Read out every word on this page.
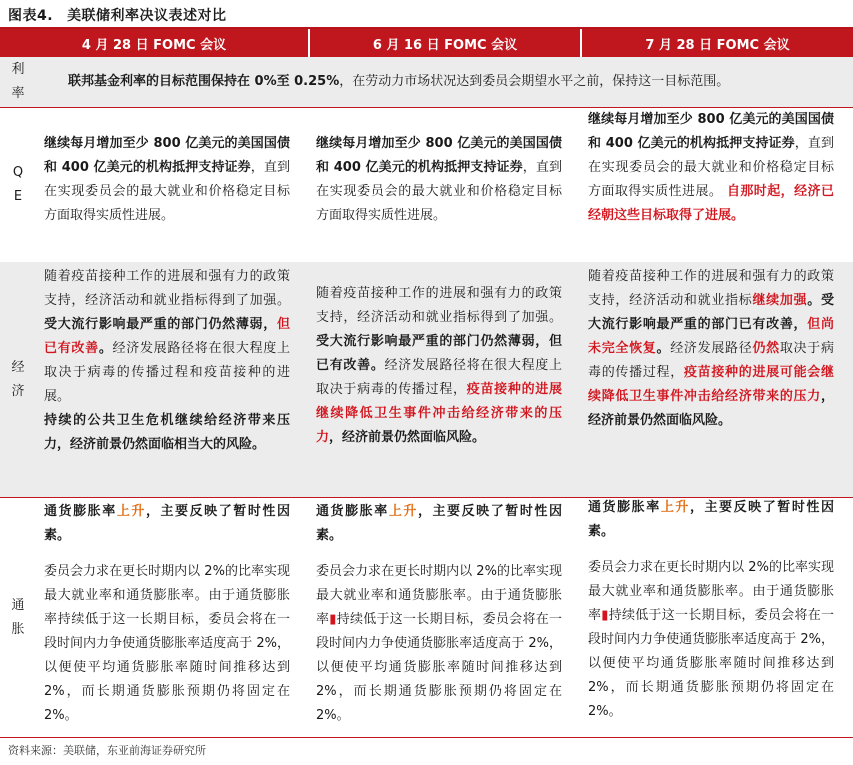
图表4. 美联储利率决议表述对比
4 月 28 日 FOMC 会议	6 月 16 日 FOMC 会议	7 月 28 日 FOMC 会议
利
率
联邦基金利率的目标范围保持在 0%至 0.25%，在劳动力市场状况达到委员会期望水平之前，保持这一目标范围。
Q
E
继续每月增加至少 800 亿美元的美国国债和 400 亿美元的机构抵押支持证券，直到在实现委员会的最大就业和价格稳定目标方面取得实质性进展。
继续每月增加至少 800 亿美元的美国国债和 400 亿美元的机构抵押支持证券，直到在实现委员会的最大就业和价格稳定目标方面取得实质性进展。
继续每月增加至少 800 亿美元的美国国债和 400 亿美元的机构抵押支持证券，直到在实现委员会的最大就业和价格稳定目标方面取得实质性进展。 自那时起，经济已经朝这些目标取得了进展。
经
济
随着疫苗接种工作的进展和强有力的政策支持，经济活动和就业指标得到了加强。受大流行影响最严重的部门仍然薄弱，但已有改善。经济发展路径将在很大程度上取决于病毒的传播过程和疫苗接种的进展。

持续的公共卫生危机继续给经济带来压力，经济前景仍然面临相当大的风险。

随着疫苗接种工作的进展和强有力的政策支持，经济活动和就业指标得到了加强。受大流行影响最严重的部门仍然薄弱，但已有改善。经济发展路径将在很大程度上取决于病毒的传播过程，疫苗接种的进展继续降低卫生事件冲击给经济带来的压力，经济前景仍然面临风险。
随着疫苗接种工作的进展和强有力的政策支持，经济活动和就业指标继续加强。受大流行影响最严重的部门已有改善，但尚未完全恢复。经济发展路径仍然取决于病毒的传播过程，疫苗接种的进展可能会继续降低卫生事件冲击给经济带来的压力，经济前景仍然面临风险。
通
胀

通货膨胀率上升，主要反映了暂时性因素。

委员会力求在更长时期内以 2%的比率实现最大就业率和通货膨胀率。由于通货膨胀率持续低于这一长期目标，委员会将在一段时间内力争使通货膨胀率适度高于 2%，以便使平均通货膨胀率随时间推移达到 2%，而长期通货膨胀预期仍将固定在 2%。

通货膨胀率上升，主要反映了暂时性因素。

委员会力求在更长时期内以 2%的比率实现最大就业率和通货膨胀率。由于通货膨胀率▮持续低于这一长期目标，委员会将在一段时间内力争使通货膨胀率适度高于 2%，以便使平均通货膨胀率随时间推移达到 2%，而长期通货膨胀预期仍将固定在 2%。

通货膨胀率上升，主要反映了暂时性因素。

委员会力求在更长时期内以 2%的比率实现最大就业率和通货膨胀率。由于通货膨胀率▮持续低于这一长期目标，委员会将在一段时间内力争使通货膨胀率适度高于 2%，以便使平均通货膨胀率随时间推移达到 2%，而长期通货膨胀预期仍将固定在 2%。

资料来源：美联储，东亚前海证券研究所
